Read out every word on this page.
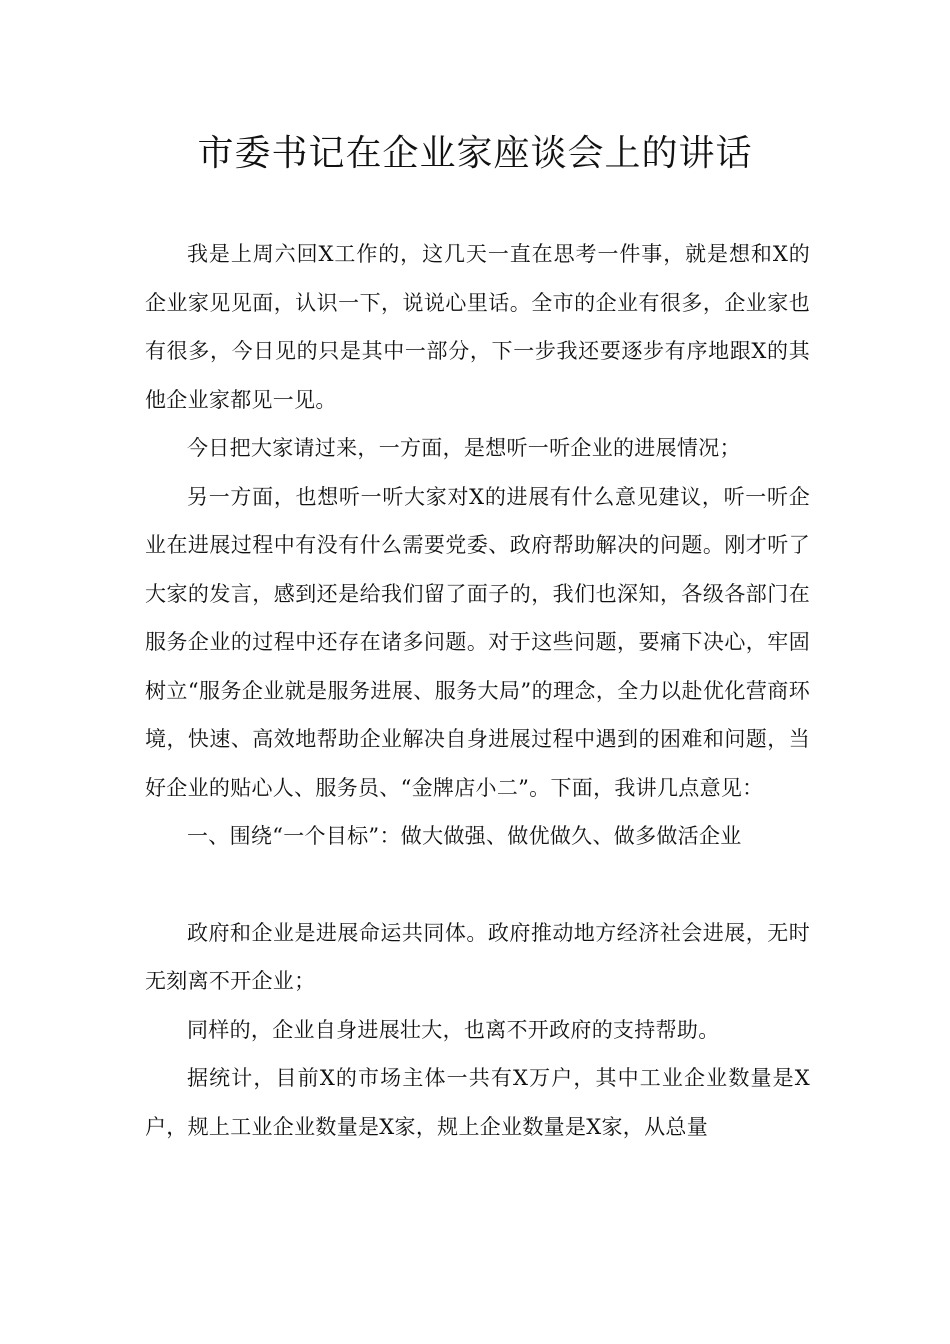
市委书记在企业家座谈会上的讲话

我是上周六回X工作的，这几天一直在思考一件事，就是想和X的企业家见见面，认识一下，说说心里话。全市的企业有很多，企业家也有很多，今日见的只是其中一部分，下一步我还要逐步有序地跟X的其他企业家都见一见。

今日把大家请过来，一方面，是想听一听企业的进展情况；

另一方面，也想听一听大家对X的进展有什么意见建议，听一听企业在进展过程中有没有什么需要党委、政府帮助解决的问题。刚才听了大家的发言，感到还是给我们留了面子的，我们也深知，各级各部门在服务企业的过程中还存在诸多问题。对于这些问题，要痛下决心，牢固树立“服务企业就是服务进展、服务大局”的理念，全力以赴优化营商环境，快速、高效地帮助企业解决自身进展过程中遇到的困难和问题，当好企业的贴心人、服务员、“金牌店小二”。下面，我讲几点意见：

一、围绕“一个目标”：做大做强、做优做久、做多做活企业

政府和企业是进展命运共同体。政府推动地方经济社会进展，无时无刻离不开企业；

同样的，企业自身进展壮大，也离不开政府的支持帮助。

据统计，目前X的市场主体一共有X万户，其中工业企业数量是X户，规上工业企业数量是X家，规上企业数量是X家，从总量
